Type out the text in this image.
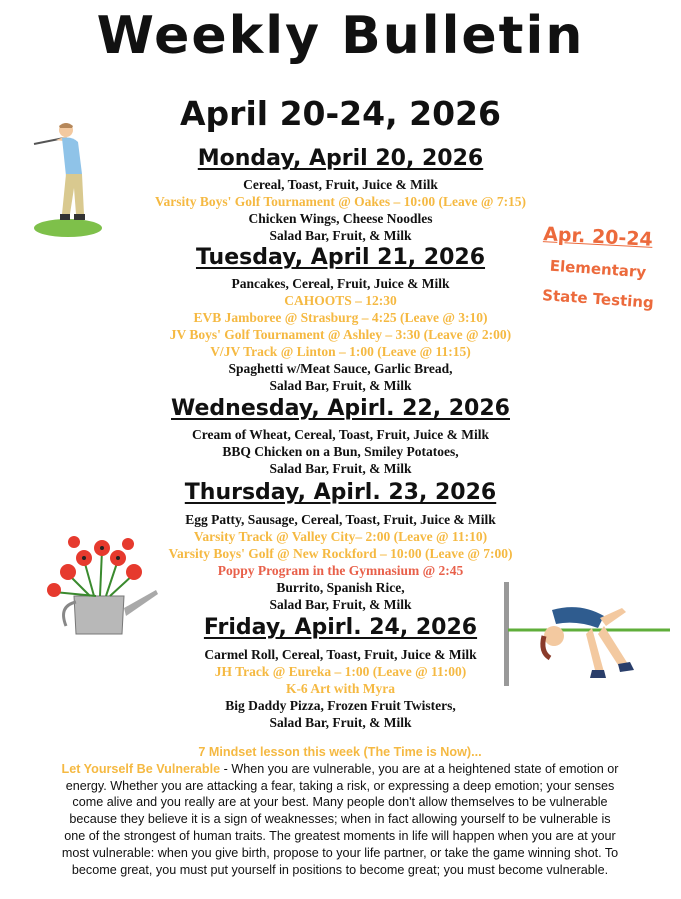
Weekly Bulletin
April 20-24, 2026
Monday, April 20, 2026
Cereal, Toast, Fruit, Juice & Milk
Varsity Boys' Golf Tournament @ Oakes – 10:00 (Leave @ 7:15)
Chicken Wings, Cheese Noodles
Salad Bar, Fruit, & Milk
Tuesday, April 21, 2026
Pancakes, Cereal, Fruit, Juice & Milk
CAHOOTS – 12:30
EVB Jamboree @ Strasburg – 4:25 (Leave @ 3:10)
JV Boys' Golf Tournament @ Ashley – 3:30 (Leave @ 2:00)
V/JV Track @ Linton – 1:00 (Leave @ 11:15)
Spaghetti w/Meat Sauce, Garlic Bread,
Salad Bar, Fruit, & Milk
Wednesday, Apirl. 22, 2026
Cream of Wheat, Cereal, Toast, Fruit, Juice & Milk
BBQ Chicken on a Bun, Smiley Potatoes,
Salad Bar, Fruit, & Milk
Thursday, Apirl. 23, 2026
Egg Patty, Sausage, Cereal, Toast, Fruit, Juice & Milk
Varsity Track @ Valley City– 2:00 (Leave @ 11:10)
Varsity Boys' Golf @ New Rockford – 10:00 (Leave @ 7:00)
Poppy Program in the Gymnasium @ 2:45
Burrito, Spanish Rice,
Salad Bar, Fruit, & Milk
Friday, Apirl. 24, 2026
Carmel Roll, Cereal, Toast, Fruit, Juice & Milk
JH Track @ Eureka – 1:00 (Leave @ 11:00)
K-6 Art with Myra
Big Daddy Pizza, Frozen Fruit Twisters,
Salad Bar, Fruit, & Milk
Apr. 20-24
Elementary
State Testing
7 Mindset lesson this week (The Time is Now)...
Let Yourself Be Vulnerable - When you are vulnerable, you are at a heightened state of emotion or energy. Whether you are attacking a fear, taking a risk, or expressing a deep emotion; your senses come alive and you really are at your best. Many people don't allow themselves to be vulnerable because they believe it is a sign of weaknesses; when in fact allowing yourself to be vulnerable is one of the strongest of human traits. The greatest moments in life will happen when you are at your most vulnerable: when you give birth, propose to your life partner, or take the game winning shot. To become great, you must put yourself in positions to become great; you must become vulnerable.
